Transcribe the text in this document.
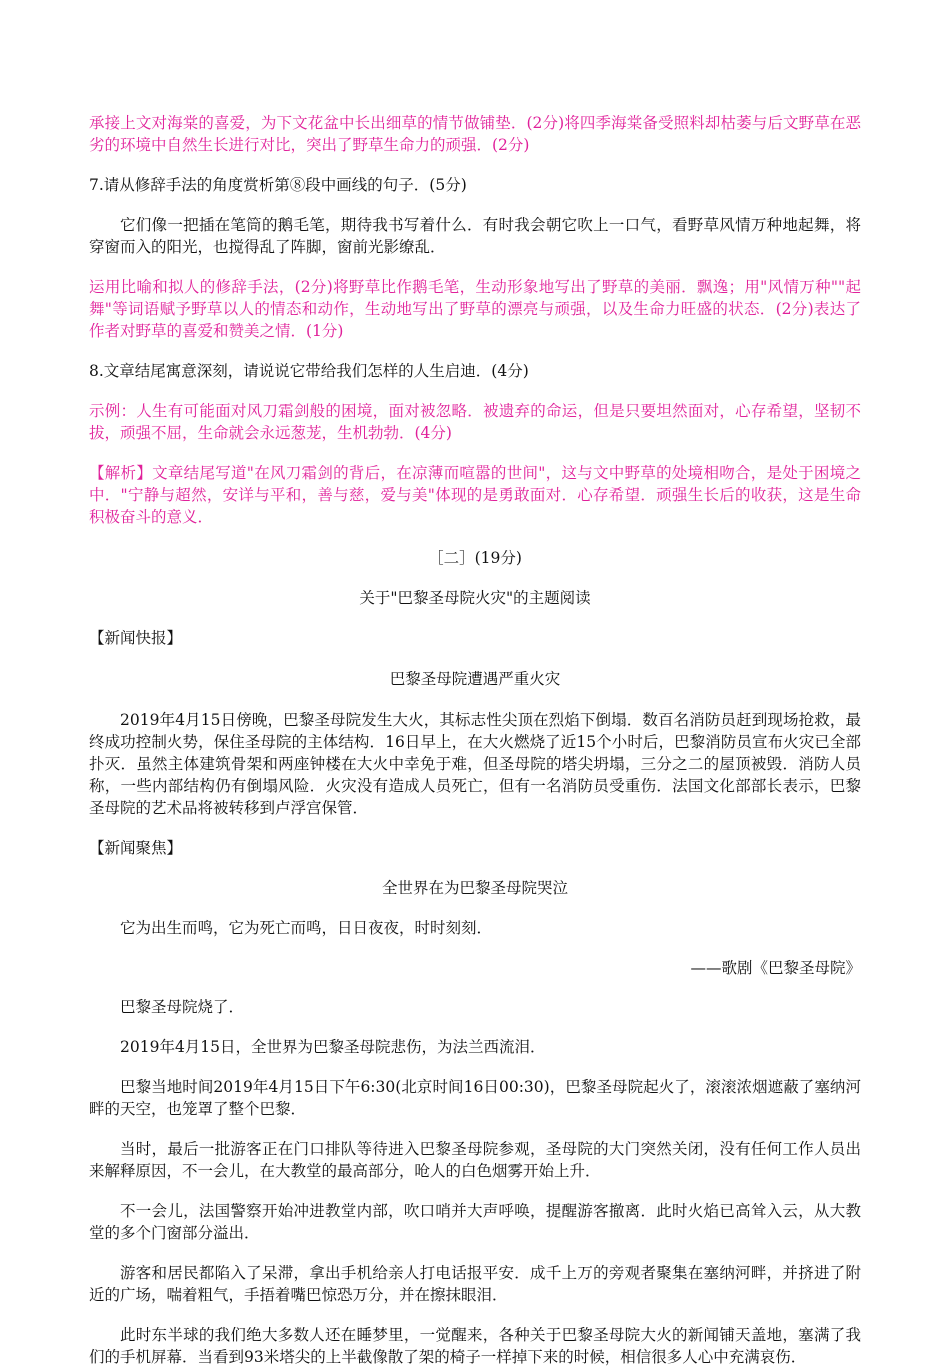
承接上文对海棠的喜爱，为下文花盆中长出细草的情节做铺垫．(2分)将四季海棠备受照料却枯萎与后文野草在恶劣的环境中自然生长进行对比，突出了野草生命力的顽强．(2分)

7.请从修辞手法的角度赏析第⑧段中画线的句子．(5分)

它们像一把插在笔筒的鹅毛笔，期待我书写着什么．有时我会朝它吹上一口气，看野草风情万种地起舞，将穿窗而入的阳光，也搅得乱了阵脚，窗前光影缭乱．

运用比喻和拟人的修辞手法，(2分)将野草比作鹅毛笔，生动形象地写出了野草的美丽．飘逸；用"风情万种""起舞"等词语赋予野草以人的情态和动作，生动地写出了野草的漂亮与顽强，以及生命力旺盛的状态．(2分)表达了作者对野草的喜爱和赞美之情．(1分)

8.文章结尾寓意深刻，请说说它带给我们怎样的人生启迪．(4分)

示例：人生有可能面对风刀霜剑般的困境，面对被忽略．被遗弃的命运，但是只要坦然面对，心存希望，坚韧不拔，顽强不屈，生命就会永远葱茏，生机勃勃．(4分)

【解析】文章结尾写道"在风刀霜剑的背后，在凉薄而喧嚣的世间"，这与文中野草的处境相吻合，是处于困境之中．"宁静与超然，安详与平和，善与慈，爱与美"体现的是勇敢面对．心存希望．顽强生长后的收获，这是生命积极奋斗的意义．

［二］(19分)

关于"巴黎圣母院火灾"的主题阅读

【新闻快报】

巴黎圣母院遭遇严重火灾

2019年4月15日傍晚，巴黎圣母院发生大火，其标志性尖顶在烈焰下倒塌．数百名消防员赶到现场抢救，最终成功控制火势，保住圣母院的主体结构．16日早上，在大火燃烧了近15个小时后，巴黎消防员宣布火灾已全部扑灭．虽然主体建筑骨架和两座钟楼在大火中幸免于难，但圣母院的塔尖坍塌，三分之二的屋顶被毁．消防人员称，一些内部结构仍有倒塌风险．火灾没有造成人员死亡，但有一名消防员受重伤．法国文化部部长表示，巴黎圣母院的艺术品将被转移到卢浮宫保管．

【新闻聚焦】

全世界在为巴黎圣母院哭泣

它为出生而鸣，它为死亡而鸣，日日夜夜，时时刻刻．

——歌剧《巴黎圣母院》

巴黎圣母院烧了．

2019年4月15日，全世界为巴黎圣母院悲伤，为法兰西流泪．

巴黎当地时间2019年4月15日下午6:30(北京时间16日00:30)，巴黎圣母院起火了，滚滚浓烟遮蔽了塞纳河畔的天空，也笼罩了整个巴黎．

当时，最后一批游客正在门口排队等待进入巴黎圣母院参观，圣母院的大门突然关闭，没有任何工作人员出来解释原因，不一会儿，在大教堂的最高部分，呛人的白色烟雾开始上升．

不一会儿，法国警察开始冲进教堂内部，吹口哨并大声呼唤，提醒游客撤离．此时火焰已高耸入云，从大教堂的多个门窗部分溢出．

游客和居民都陷入了呆滞，拿出手机给亲人打电话报平安．成千上万的旁观者聚集在塞纳河畔，并挤进了附近的广场，喘着粗气，手捂着嘴巴惊恐万分，并在擦抹眼泪．

此时东半球的我们绝大多数人还在睡梦里，一觉醒来，各种关于巴黎圣母院大火的新闻铺天盖地，塞满了我们的手机屏幕．当看到93米塔尖的上半截像散了架的椅子一样掉下来的时候，相信很多人心中充满哀伤．
